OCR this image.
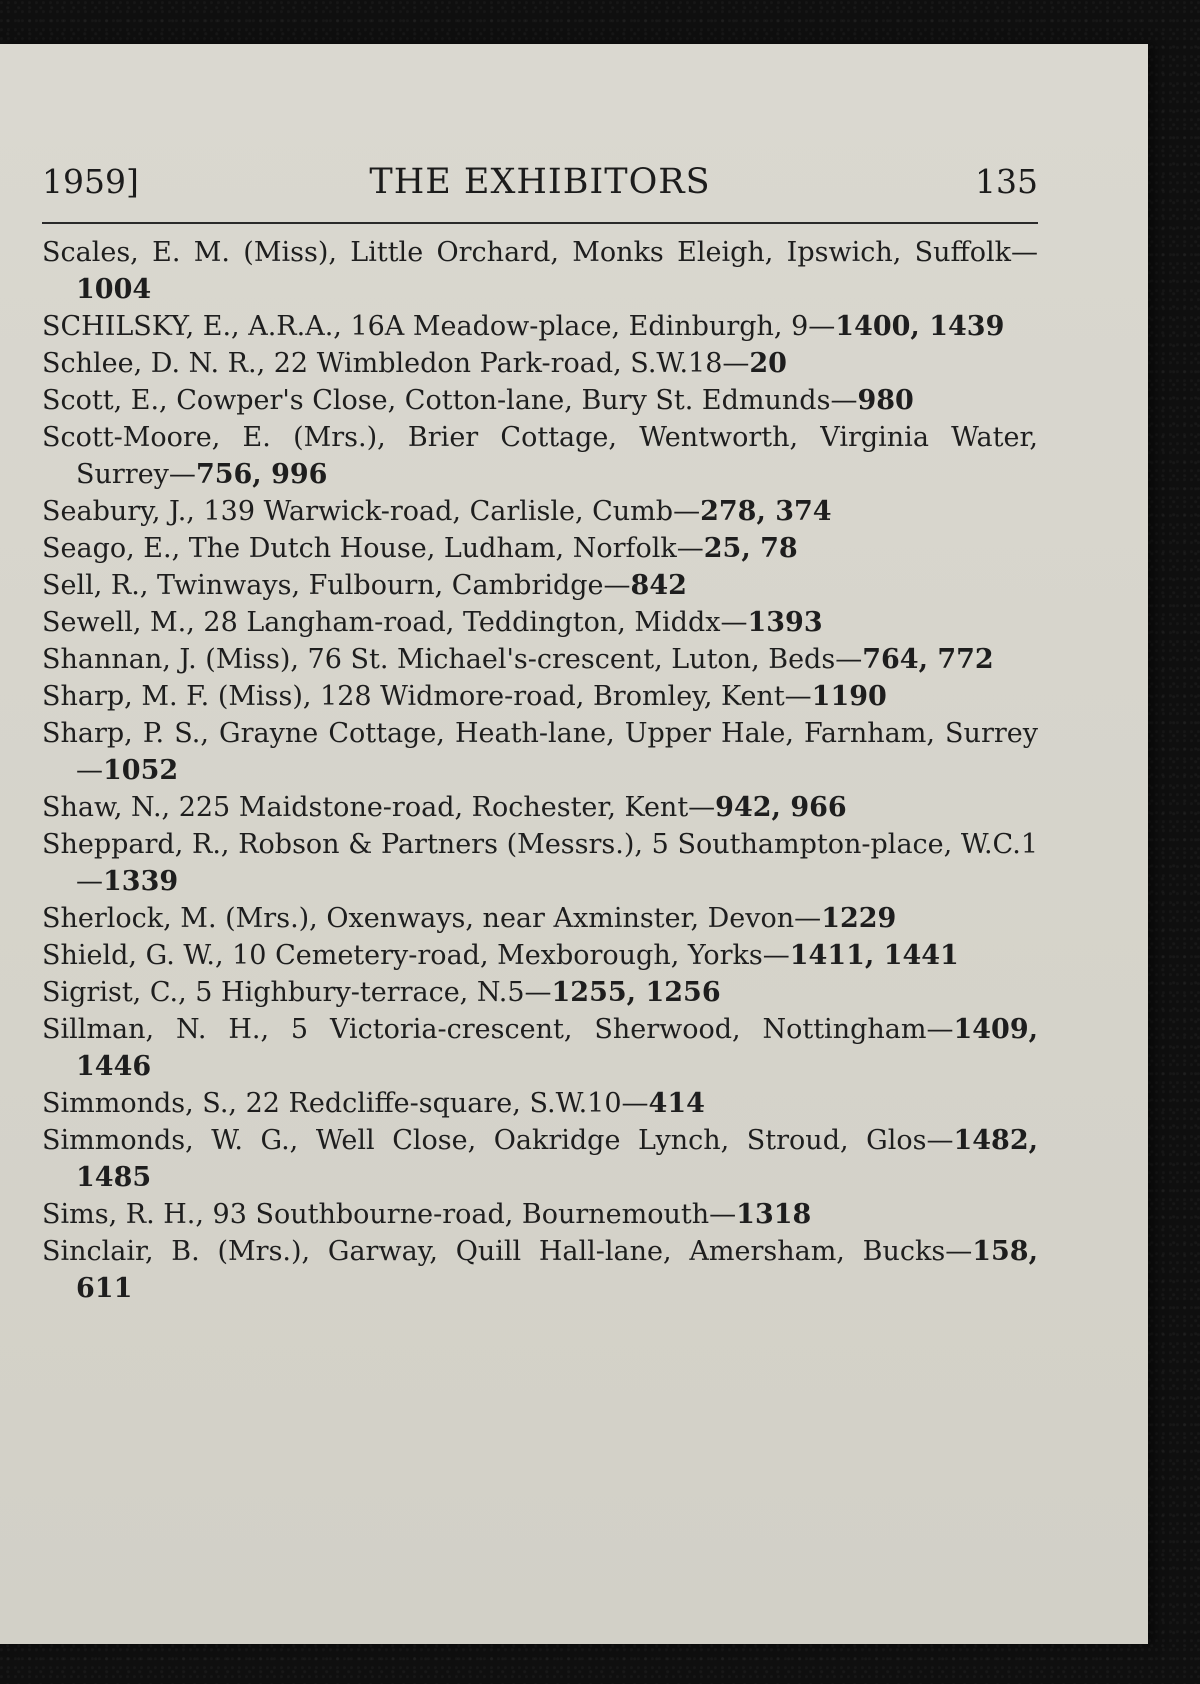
1959]	THE EXHIBITORS	135
Scales, E. M. (Miss), Little Orchard, Monks Eleigh, Ipswich, Suffolk—1004
SCHILSKY, E., A.R.A., 16A Meadow-place, Edinburgh, 9—1400, 1439
Schlee, D. N. R., 22 Wimbledon Park-road, S.W.18—20
Scott, E., Cowper's Close, Cotton-lane, Bury St. Edmunds—980
Scott-Moore, E. (Mrs.), Brier Cottage, Wentworth, Virginia Water, Surrey—756, 996
Seabury, J., 139 Warwick-road, Carlisle, Cumb—278, 374
Seago, E., The Dutch House, Ludham, Norfolk—25, 78
Sell, R., Twinways, Fulbourn, Cambridge—842
Sewell, M., 28 Langham-road, Teddington, Middx—1393
Shannan, J. (Miss), 76 St. Michael's-crescent, Luton, Beds—764, 772
Sharp, M. F. (Miss), 128 Widmore-road, Bromley, Kent—1190
Sharp, P. S., Grayne Cottage, Heath-lane, Upper Hale, Farnham, Surrey—1052
Shaw, N., 225 Maidstone-road, Rochester, Kent—942, 966
Sheppard, R., Robson & Partners (Messrs.), 5 Southampton-place, W.C.1—1339
Sherlock, M. (Mrs.), Oxenways, near Axminster, Devon—1229
Shield, G. W., 10 Cemetery-road, Mexborough, Yorks—1411, 1441
Sigrist, C., 5 Highbury-terrace, N.5—1255, 1256
Sillman, N. H., 5 Victoria-crescent, Sherwood, Nottingham—1409, 1446
Simmonds, S., 22 Redcliffe-square, S.W.10—414
Simmonds, W. G., Well Close, Oakridge Lynch, Stroud, Glos—1482, 1485
Sims, R. H., 93 Southbourne-road, Bournemouth—1318
Sinclair, B. (Mrs.), Garway, Quill Hall-lane, Amersham, Bucks—158, 611
